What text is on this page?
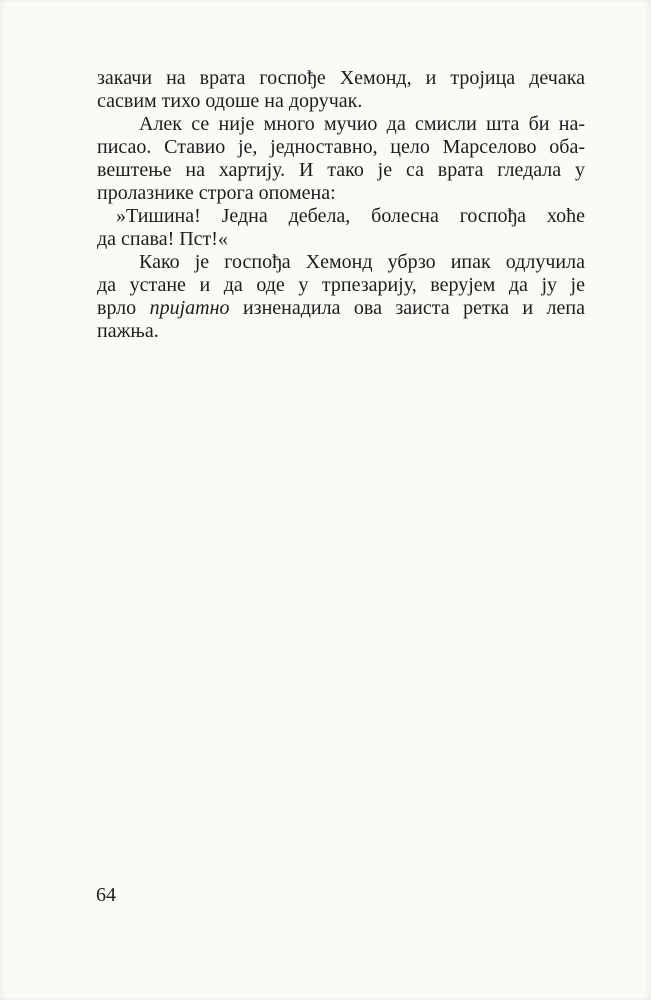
закачи на врата госпође Хемонд, и тројица дечака
сасвим тихо одоше на доручак.
Алек се није много мучио да смисли шта би на-
писао. Ставио је, једноставно, цело Марселово оба-
вештење на хартију. И тако је са врата гледала у
пролазнике строга опомена:
»Тишина! Једна дебела, болесна госпођа хоће
да спава! Пст!«
Како је госпођа Хемонд убрзо ипак одлучила
да устане и да оде у трпезарију, верујем да ју је
врло пријатно изненадила ова заиста ретка и лепа
пажња.
64
